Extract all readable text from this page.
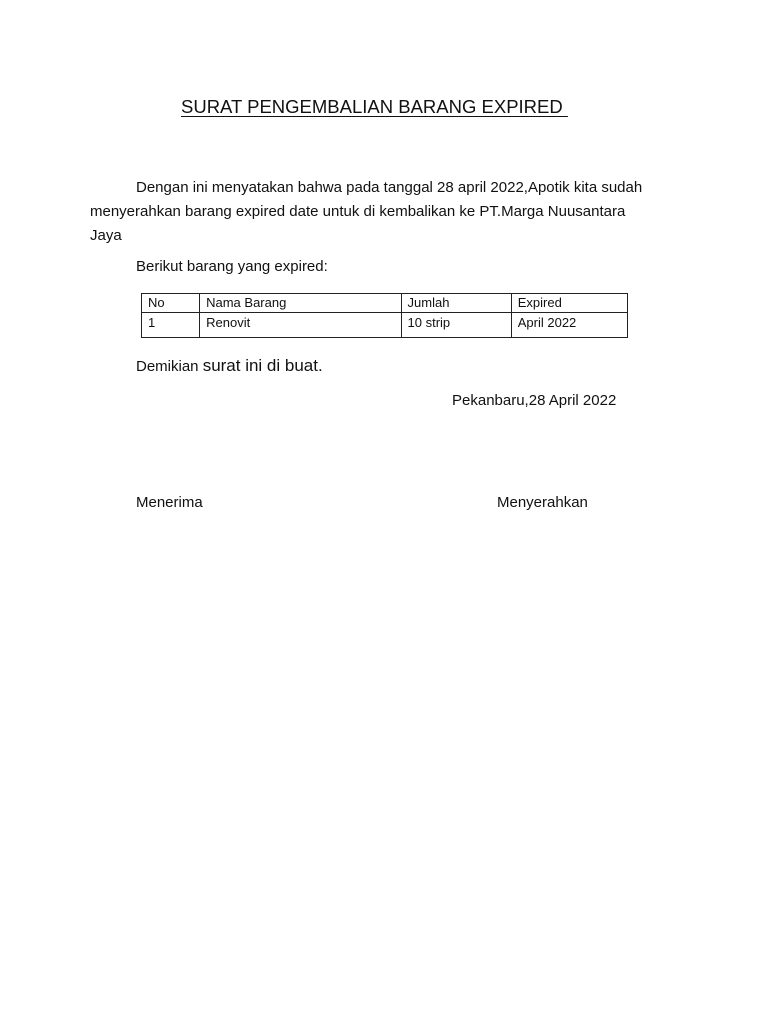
SURAT PENGEMBALIAN BARANG EXPIRED
Dengan ini menyatakan bahwa pada tanggal 28 april 2022,Apotik kita sudah
menyerahkan barang expired date untuk di kembalikan ke PT.Marga Nuusantara
Jaya
Berikut barang yang expired:
No	Nama Barang	Jumlah	Expired
1	Renovit	10 strip	April 2022
Demikian surat ini di buat.
Pekanbaru,28 April 2022
Menerima	Menyerahkan
